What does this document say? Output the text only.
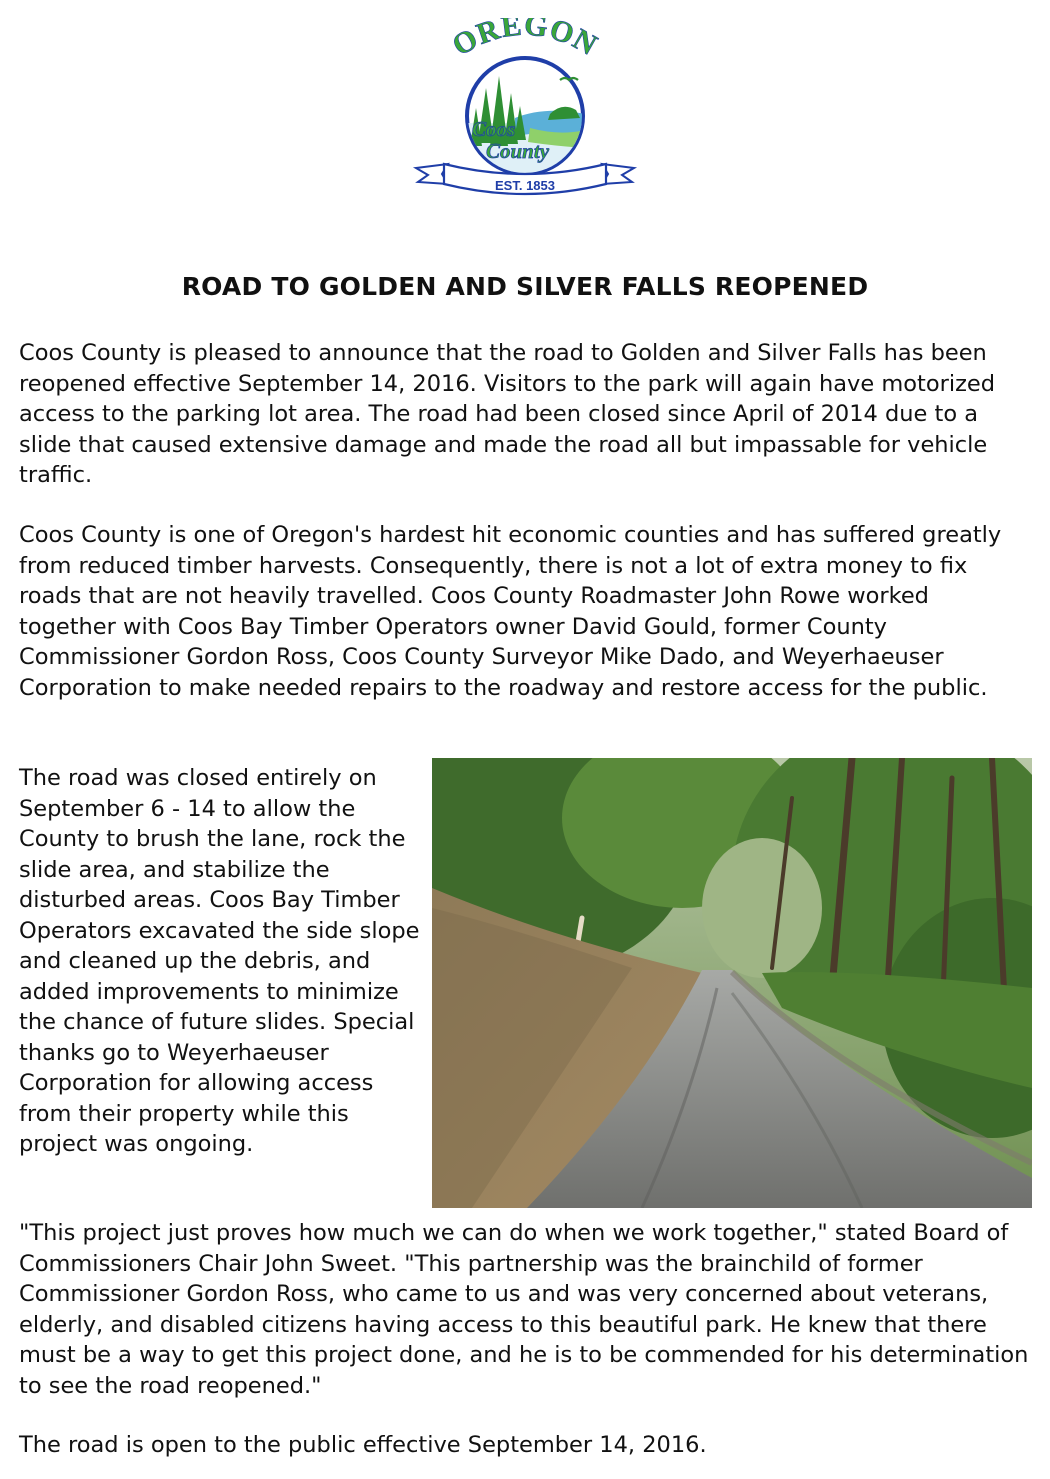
OREGON
Coos
County
EST. 1853
ROAD TO GOLDEN AND SILVER FALLS REOPENED

Coos County is pleased to announce that the road to Golden and Silver Falls has been reopened effective September 14, 2016. Visitors to the park will again have motorized access to the parking lot area. The road had been closed since April of 2014 due to a slide that caused extensive damage and made the road all but impassable for vehicle traffic.

Coos County is one of Oregon's hardest hit economic counties and has suffered greatly from reduced timber harvests. Consequently, there is not a lot of extra money to fix roads that are not heavily travelled. Coos County Roadmaster John Rowe worked together with Coos Bay Timber Operators owner David Gould, former County Commissioner Gordon Ross, Coos County Surveyor Mike Dado, and Weyerhaeuser Corporation to make needed repairs to the roadway and restore access for the public.

The road was closed entirely on September 6 - 14 to allow the County to brush the lane, rock the slide area, and stabilize the disturbed areas. Coos Bay Timber Operators excavated the side slope and cleaned up the debris, and added improvements to minimize the chance of future slides. Special thanks go to Weyerhaeuser Corporation for allowing access from their property while this project was ongoing.

"This project just proves how much we can do when we work together," stated Board of Commissioners Chair John Sweet. "This partnership was the brainchild of former Commissioner Gordon Ross, who came to us and was very concerned about veterans, elderly, and disabled citizens having access to this beautiful park. He knew that there must be a way to get this project done, and he is to be commended for his determination to see the road reopened."

The road is open to the public effective September 14, 2016.
